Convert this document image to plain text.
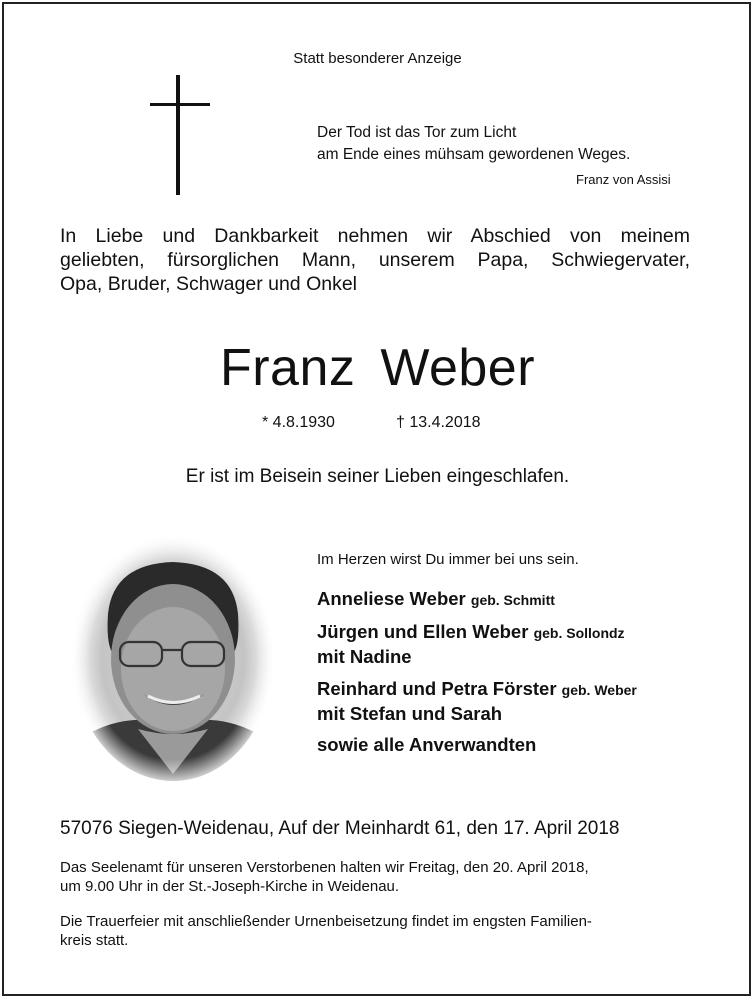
Statt besonderer Anzeige
Der Tod ist das Tor zum Licht
am Ende eines mühsam gewordenen Weges.
Franz von Assisi
In Liebe und Dankbarkeit nehmen wir Abschied von meinem
geliebten, fürsorglichen Mann, unserem Papa, Schwiegervater,
Opa, Bruder, Schwager und Onkel
Franz Weber
* 4.8.1930	† 13.4.2018
Er ist im Beisein seiner Lieben eingeschlafen.
Im Herzen wirst Du immer bei uns sein.
Anneliese Weber geb. Schmitt
Jürgen und Ellen Weber geb. Sollondz
mit Nadine
Reinhard und Petra Förster geb. Weber
mit Stefan und Sarah
sowie alle Anverwandten
57076 Siegen-Weidenau, Auf der Meinhardt 61, den 17. April 2018
Das Seelenamt für unseren Verstorbenen halten wir Freitag, den 20. April 2018,
um 9.00 Uhr in der St.-Joseph-Kirche in Weidenau.
Die Trauerfeier mit anschließender Urnenbeisetzung findet im engsten Familien-
kreis statt.
